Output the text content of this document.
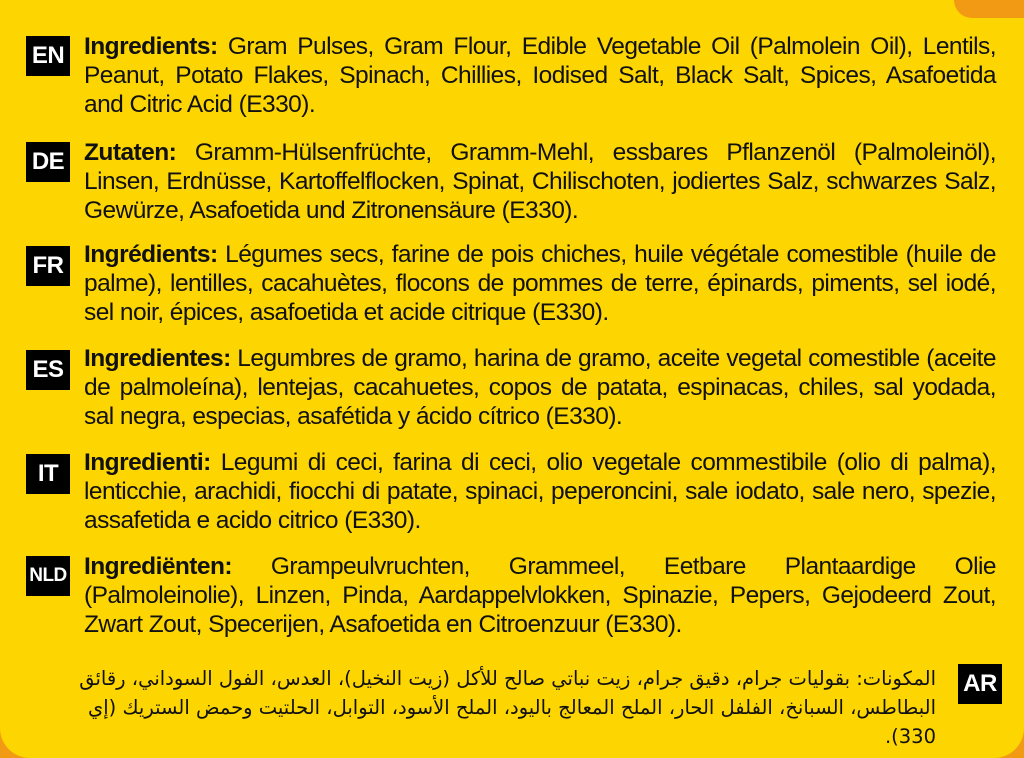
EN Ingredients: Gram Pulses, Gram Flour, Edible Vegetable Oil (Palmolein Oil), Lentils, Peanut, Potato Flakes, Spinach, Chillies, Iodised Salt, Black Salt, Spices, Asafoetida and Citric Acid (E330).
DE Zutaten: Gramm-Hülsenfrüchte, Gramm-Mehl, essbares Pflanzenöl (Palmoleinöl), Linsen, Erdnüsse, Kartoffelflocken, Spinat, Chilischoten, jodiertes Salz, schwarzes Salz, Gewürze, Asafoetida und Zitronensäure (E330).
FR Ingrédients: Légumes secs, farine de pois chiches, huile végétale comestible (huile de palme), lentilles, cacahuètes, flocons de pommes de terre, épinards, piments, sel iodé, sel noir, épices, asafoetida et acide citrique (E330).
ES Ingredientes: Legumbres de gramo, harina de gramo, aceite vegetal comestible (aceite de palmoleína), lentejas, cacahuetes, copos de patata, espinacas, chiles, sal yodada, sal negra, especias, asafétida y ácido cítrico (E330).
IT	Ingredienti: Legumi di ceci, farina di ceci, olio vegetale commestibile (olio di palma), lenticchie, arachidi, fiocchi di patate, spinaci, peperoncini, sale iodato, sale nero, spezie, assafetida e acido citrico (E330).
NLD Ingrediënten: Grampeulvruchten, Grammeel, Eetbare Plantaardige Olie (Palmoleinolie), Linzen, Pinda, Aardappelvlokken, Spinazie, Pepers, Gejodeerd Zout, Zwart Zout, Specerijen, Asafoetida en Citroenzuur (E330).
AR
المكونات: بقوليات جرام، دقيق جرام، زيت نباتي صالح للأكل (زيت النخيل)، العدس، الفول السوداني، رقائق البطاطس، السبانخ، الفلفل الحار، الملح المعالج باليود، الملح الأسود، التوابل، الحلتيت وحمض الستريك (إي 330).
